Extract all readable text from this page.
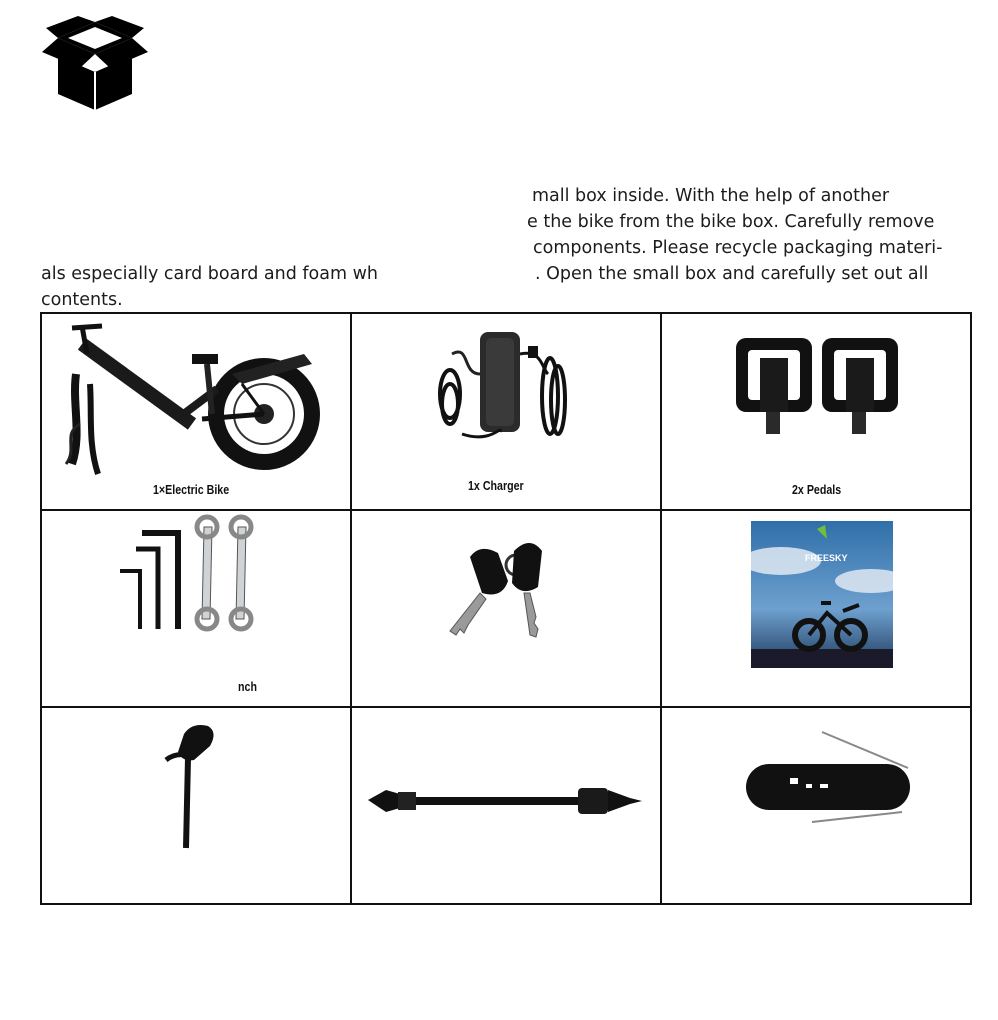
mall box inside. With the help of another
e the bike from the bike box. Carefully remove
components. Please recycle packaging materi-
. Open the small box and carefully set out all
als especially card board and foam wh
contents.
1×Electric Bike	1x Charger	2x Pedals

nch		FREESKY
